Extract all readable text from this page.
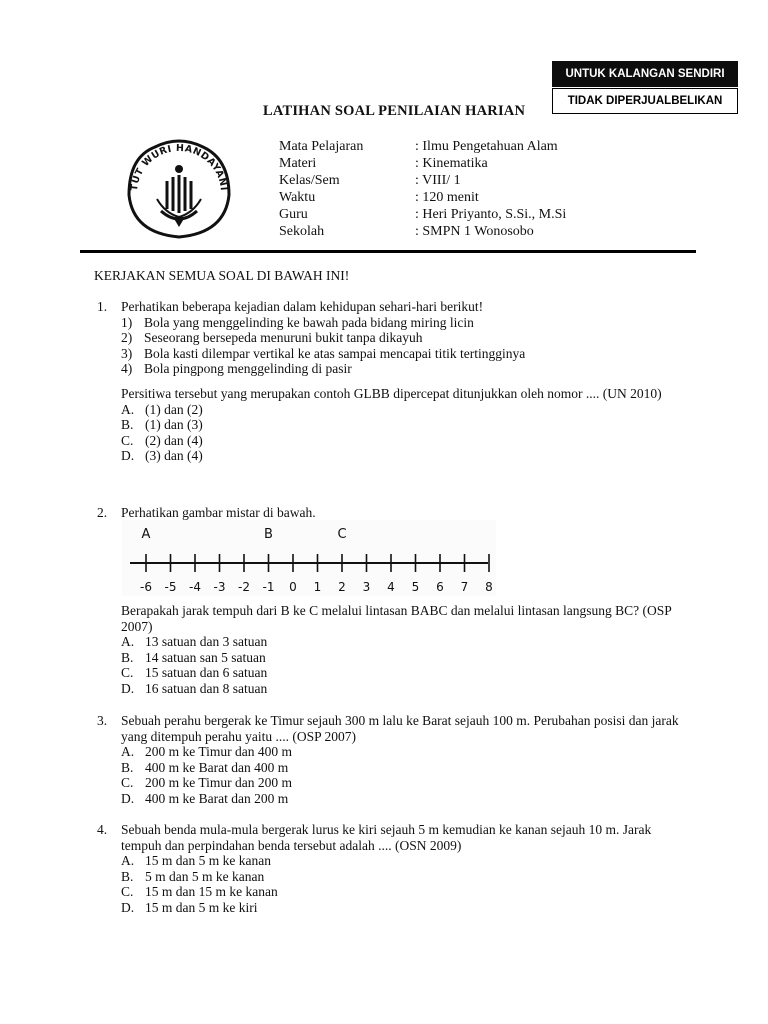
UNTUK KALANGAN SENDIRI
TIDAK DIPERJUALBELIKAN
LATIHAN SOAL PENILAIAN HARIAN
TUT WURI HANDAYANI
Mata Pelajaran	: Ilmu Pengetahuan Alam
Materi	: Kinematika
Kelas/Sem	: VIII/ 1
Waktu	: 120 menit
Guru	: Heri Priyanto, S.Si., M.Si
Sekolah	: SMPN 1 Wonosobo
KERJAKAN SEMUA SOAL DI BAWAH INI!
1.	Perhatikan beberapa kejadian dalam kehidupan sehari-hari berikut!
1) Bola yang menggelinding ke bawah pada bidang miring licin
2) Seseorang bersepeda menuruni bukit tanpa dikayuh
3) Bola kasti dilempar vertikal ke atas sampai mencapai titik tertingginya
4) Bola pingpong menggelinding di pasir
Persitiwa tersebut yang merupakan contoh GLBB dipercepat ditunjukkan oleh nomor .... (UN 2010)
A. (1) dan (2)
B. (1) dan (3)
C. (2) dan (4)
D. (3) dan (4)
2.	Perhatikan gambar mistar di bawah.
-6 -5 -4 -3 -2 -1 0 1 2 3 4 5 6 7 8
A	B	C
Berapakah jarak tempuh dari B ke C melalui lintasan BABC dan melalui lintasan langsung BC? (OSP 2007)
A. 13 satuan dan 3 satuan
B. 14 satuan san 5 satuan
C. 15 satuan dan 6 satuan
D. 16 satuan dan 8 satuan
3.	Sebuah perahu bergerak ke Timur sejauh 300 m lalu ke Barat sejauh 100 m. Perubahan posisi dan jarak yang ditempuh perahu yaitu .... (OSP 2007)
A. 200 m ke Timur dan 400 m
B. 400 m ke Barat dan 400 m
C. 200 m ke Timur dan 200 m
D. 400 m ke Barat dan 200 m
4.	Sebuah benda mula-mula bergerak lurus ke kiri sejauh 5 m kemudian ke kanan sejauh 10 m. Jarak tempuh dan perpindahan benda tersebut adalah .... (OSN 2009)
A. 15 m dan 5 m ke kanan
B. 5 m dan 5 m ke kanan
C. 15 m dan 15 m ke kanan
D. 15 m dan 5 m ke kiri
